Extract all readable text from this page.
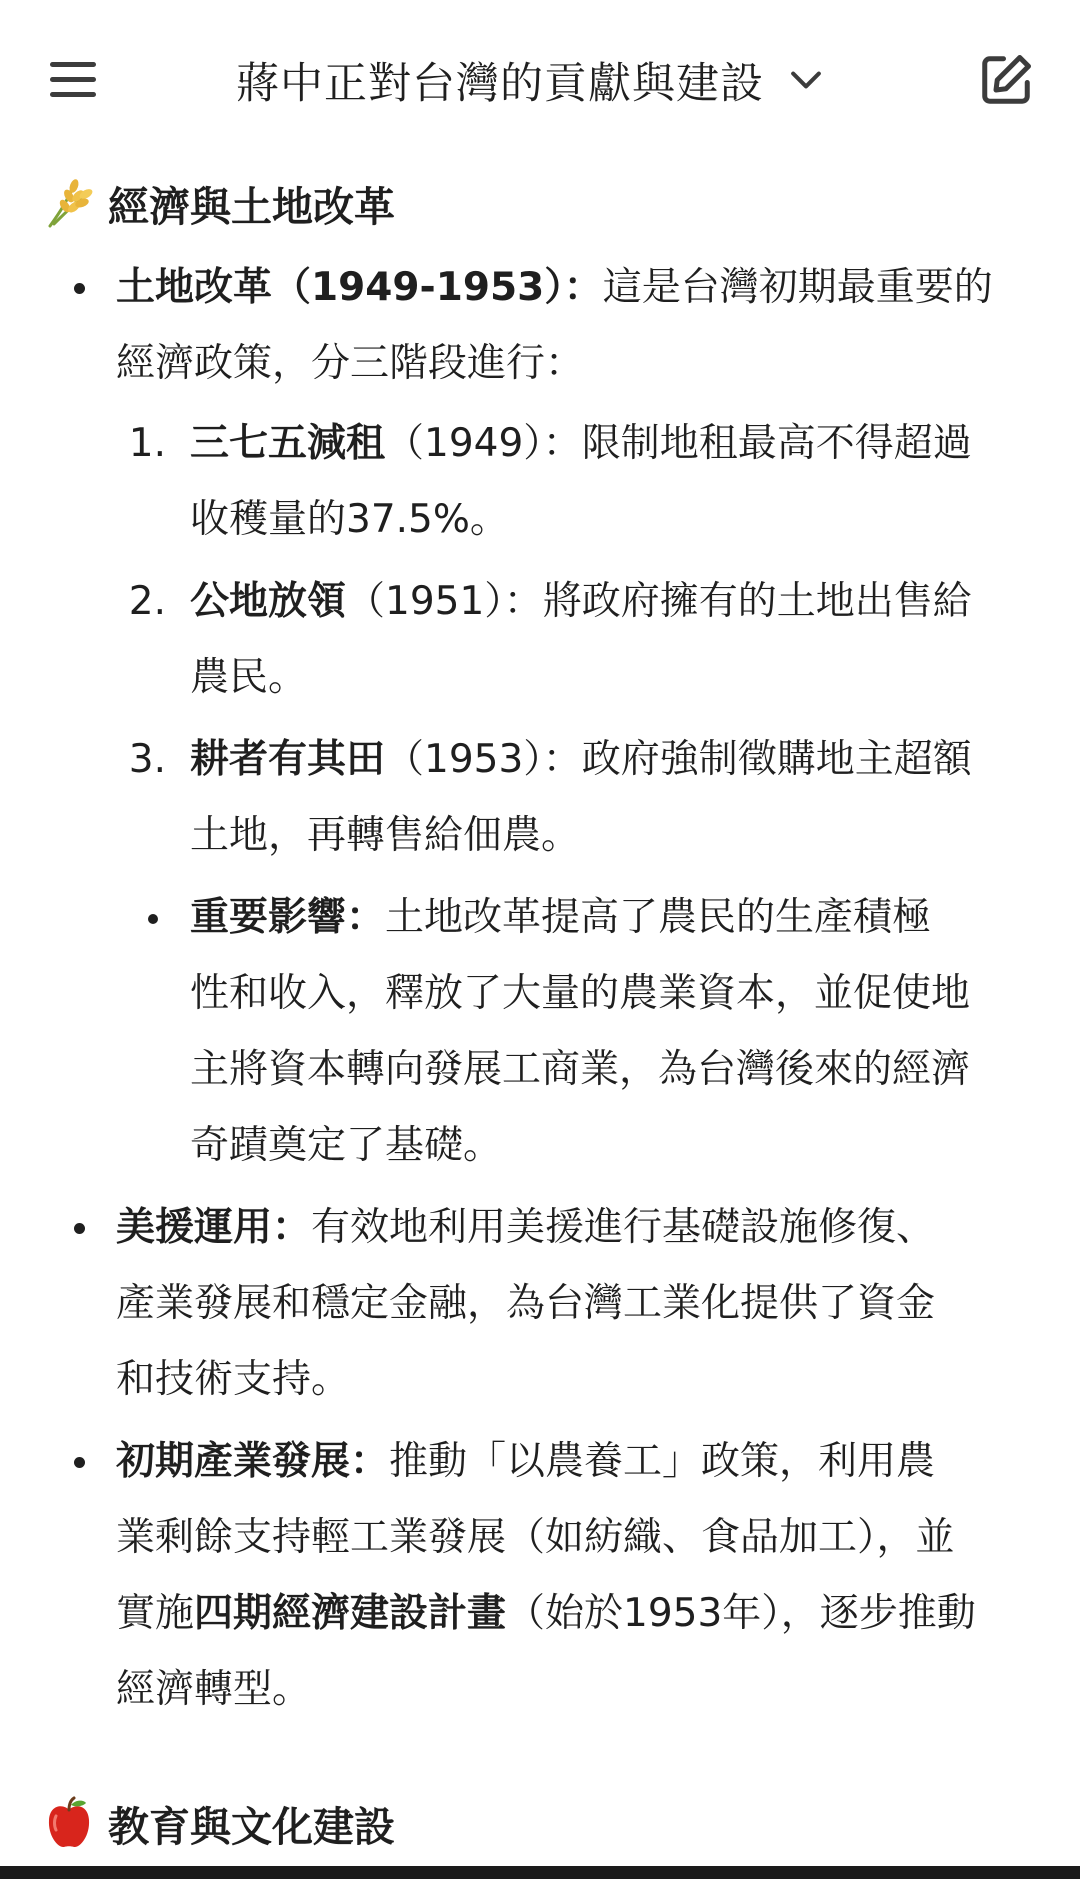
蔣中正對台灣的貢獻與建設
經濟與土地改革
土地改革（1949-1953）：這是台灣初期最重要的
經濟政策，分三階段進行：
1. 三七五減租（1949）：限制地租最高不得超過
收穫量的37.5%。
2. 公地放領（1951）：將政府擁有的土地出售給
農民。
3. 耕者有其田（1953）：政府強制徵購地主超額
土地，再轉售給佃農。
重要影響：土地改革提高了農民的生產積極
性和收入，釋放了大量的農業資本，並促使地
主將資本轉向發展工商業，為台灣後來的經濟
奇蹟奠定了基礎。
美援運用：有效地利用美援進行基礎設施修復、
產業發展和穩定金融，為台灣工業化提供了資金
和技術支持。
初期產業發展：推動「以農養工」政策，利用農
業剩餘支持輕工業發展（如紡織、食品加工），並
實施四期經濟建設計畫（始於1953年），逐步推動
經濟轉型。
教育與文化建設
